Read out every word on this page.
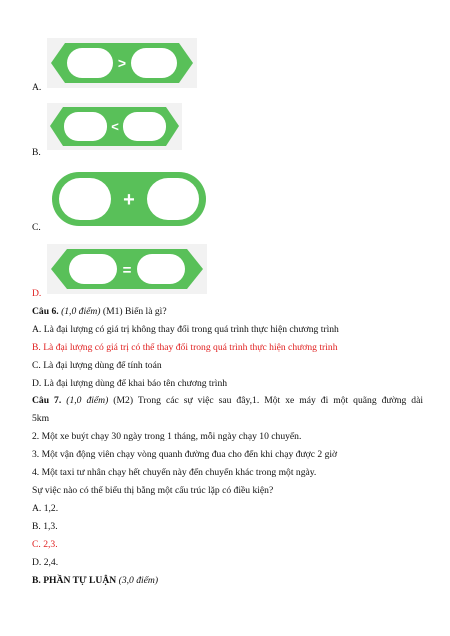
>
A.
<
B.
+
C.
=
D.
Câu 6. (1,0 điểm) (M1) Biến là gì?
A. Là đại lượng có giá trị không thay đổi trong quá trình thực hiện chương trình
B. Là đại lượng có giá trị có thể thay đổi trong quá trình thực hiện chương trình
C. Là đại lượng dùng để tính toán
D. Là đại lượng dùng để khai báo tên chương trình
Câu 7. (1,0 điểm) (M2) Trong các sự việc sau đây,1. Một xe máy đi một quãng đường dài
5km
2. Một xe buýt chạy 30 ngày trong 1 tháng, mỗi ngày chạy 10 chuyến.
3. Một vận động viên chạy vòng quanh đường đua cho đến khi chạy được 2 giờ
4. Một taxi tư nhân chạy hết chuyến này đến chuyến khác trong một ngày.
Sự việc nào có thể biểu thị bằng một cấu trúc lặp có điều kiện?
A. 1,2.
B. 1,3.
C. 2,3.
D. 2,4.
B. PHẦN TỰ LUẬN (3,0 điểm)
